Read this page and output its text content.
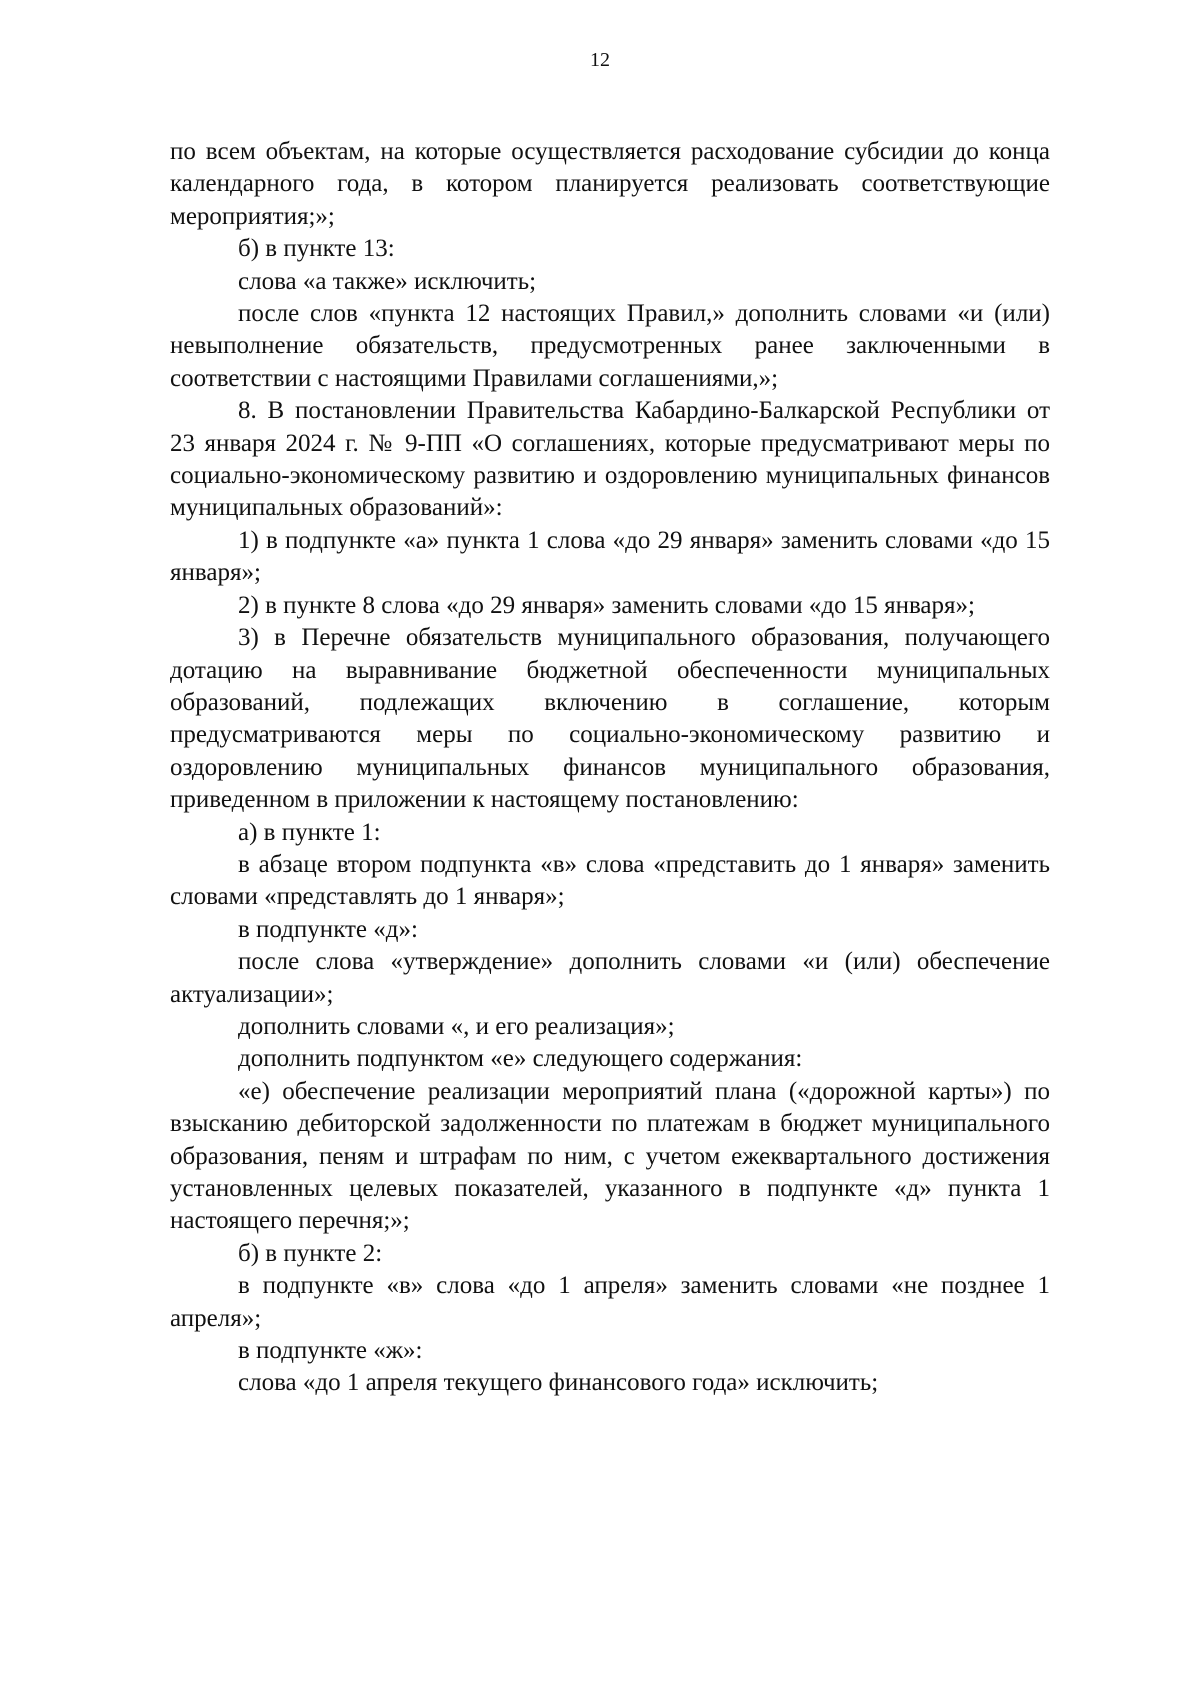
12

по всем объектам, на которые осуществляется расходование субсидии до конца календарного года, в котором планируется реализовать соответствующие мероприятия;»;

б) в пункте 13:

слова «а также» исключить;

после слов «пункта 12 настоящих Правил,» дополнить словами «и (или) невыполнение обязательств, предусмотренных ранее заключенными в соответствии с настоящими Правилами соглашениями,»;

8. В постановлении Правительства Кабардино-Балкарской Республики от 23 января 2024 г. № 9-ПП «О соглашениях, которые предусматривают меры по социально-экономическому развитию и оздоровлению муниципальных финансов муниципальных образований»:

1) в подпункте «а» пункта 1 слова «до 29 января» заменить словами «до 15 января»;

2) в пункте 8 слова «до 29 января» заменить словами «до 15 января»;

3) в Перечне обязательств муниципального образования, получающего дотацию на выравнивание бюджетной обеспеченности муниципальных образований, подлежащих включению в соглашение, которым предусматриваются меры по социально-экономическому развитию и оздоровлению муниципальных финансов муниципального образования, приведенном в приложении к настоящему постановлению:

а) в пункте 1:

в абзаце втором подпункта «в» слова «представить до 1 января» заменить словами «представлять до 1 января»;

в подпункте «д»:

после слова «утверждение» дополнить словами «и (или) обеспечение актуализации»;

дополнить словами «, и его реализация»;

дополнить подпунктом «е» следующего содержания:

«е) обеспечение реализации мероприятий плана («дорожной карты») по взысканию дебиторской задолженности по платежам в бюджет муниципального образования, пеням и штрафам по ним, с учетом ежеквартального достижения установленных целевых показателей, указанного в подпункте «д» пункта 1 настоящего перечня;»;

б) в пункте 2:

в подпункте «в» слова «до 1 апреля» заменить словами «не позднее 1 апреля»;

в подпункте «ж»:

слова «до 1 апреля текущего финансового года» исключить;
